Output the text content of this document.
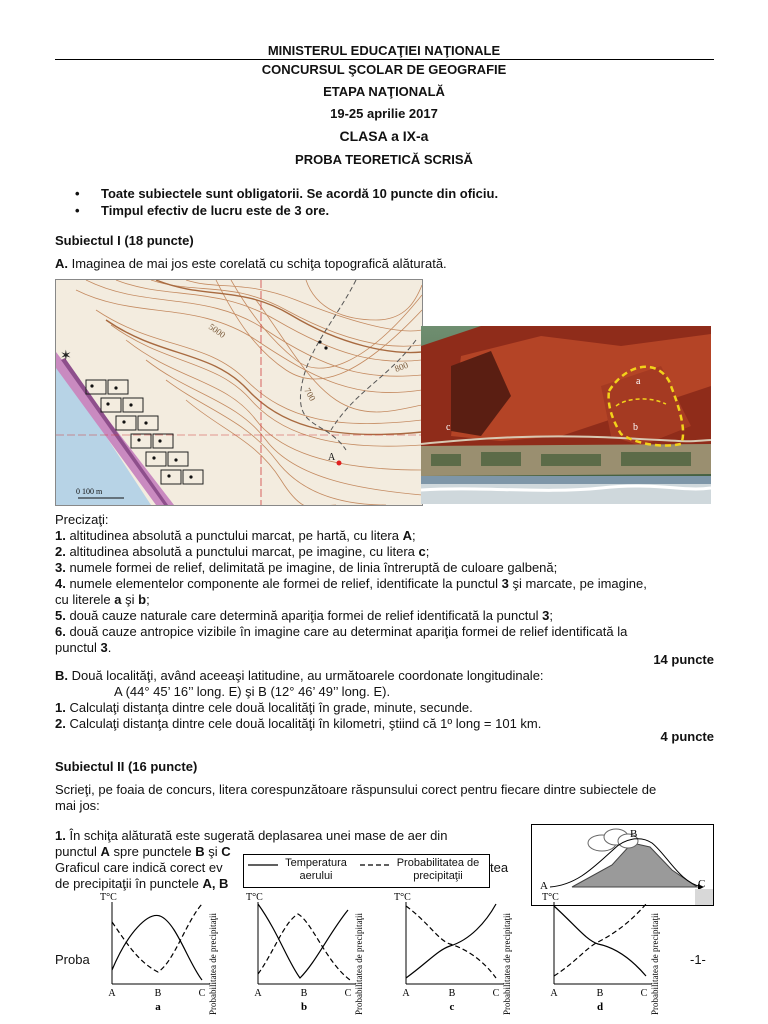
MINISTERUL EDUCAŢIEI NAŢIONALE
CONCURSUL ŞCOLAR DE GEOGRAFIE
ETAPA NAŢIONALĂ
19-25 aprilie 2017
CLASA a IX-a
PROBA TEORETICĂ SCRISĂ
• Toate subiectele sunt obligatorii. Se acordă 10 puncte din oficiu.
• Timpul efectiv de lucru este de 3 ore.
Subiectul I (18 puncte)
A. Imaginea de mai jos este corelată cu schiţa topografică alăturată.
✶
A
5000
700
800
0 100 m
a
b
c
Precizaţi:
1. altitudinea absolută a punctului marcat, pe hartă, cu litera A;
2. altitudinea absolută a punctului marcat, pe imagine, cu litera c;
3. numele formei de relief, delimitată pe imagine, de linia întreruptă de culoare galbenă;
4. numele elementelor componente ale formei de relief, identificate la punctul 3 şi marcate, pe imagine,
cu literele a şi b;
5. două cauze naturale care determină apariţia formei de relief identificată la punctul 3;
6. două cauze antropice vizibile în imagine care au determinat apariţia formei de relief identificată la
punctul 3.
14 puncte
B. Două localităţi, având aceeaşi latitudine, au următoarele coordonate longitudinale:
A (44° 45’ 16’’ long. E) şi B (12° 46’ 49’’ long. E).
1. Calculaţi distanţa dintre cele două localităţi în grade, minute, secunde.
2. Calculaţi distanţa dintre cele două localităţi în kilometri, ştiind că 1º long = 101 km.
4 puncte
Subiectul II (16 puncte)
Scrieţi, pe foaia de concurs, litera corespunzătoare răspunsului corect pentru fiecare dintre subiectele de
mai jos:
1. În schiţa alăturată este sugerată deplasarea unei mase de aer din
punctul A spre punctele B şi C
Graficul care indică corect ev	tea
de precipitaţii în punctele A, B
Temperatura aerului
Probabilitatea de precipitaţii
A
B
C
Proba	-1-
T°C
Probabilitatea de precipitaţii
A	B	C
a
T°C
Probabilitatea de precipitaţii
A	B	C
b
T°C
Probabilitatea de precipitaţii
A	B	C
c
T°C
Probabilitatea de precipitaţii
A	B	C
d
